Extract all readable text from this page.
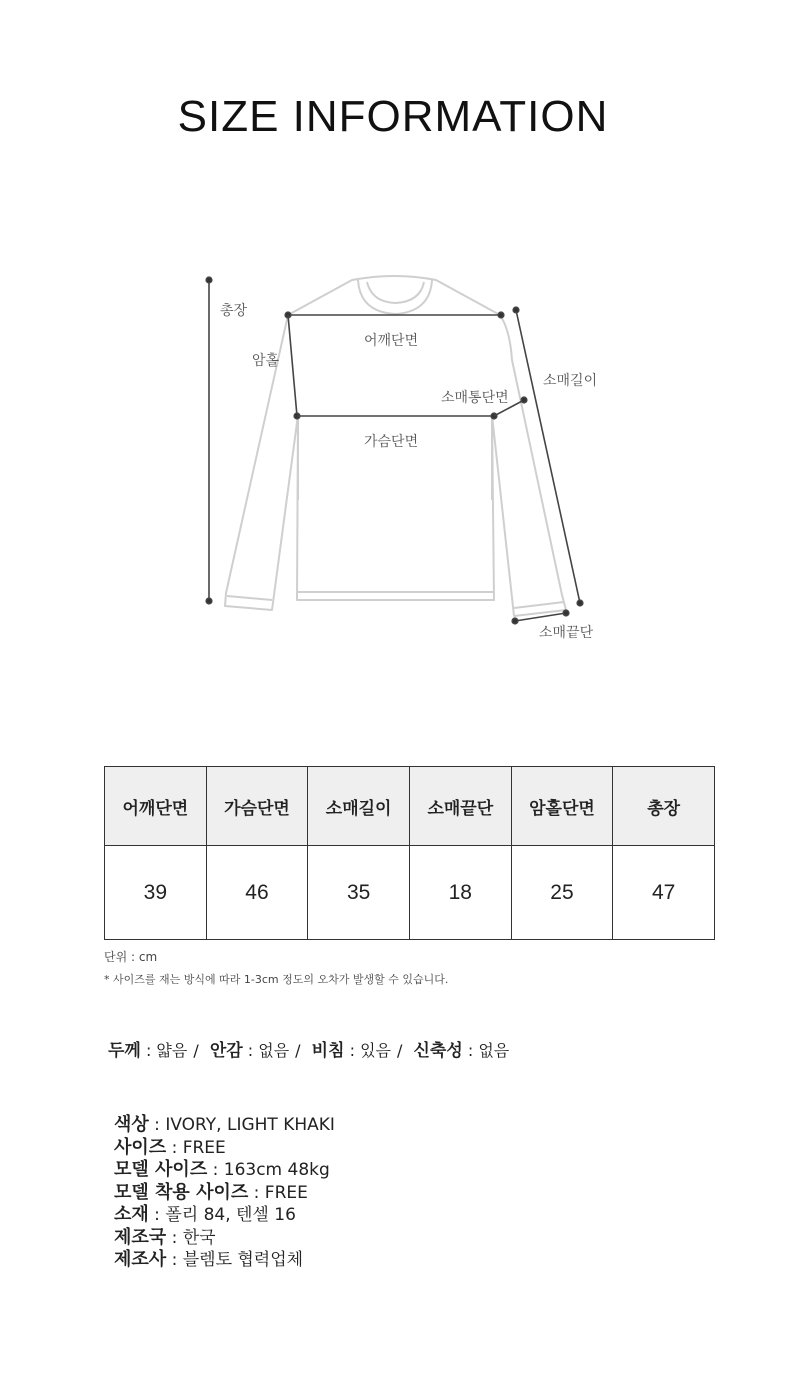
SIZE INFORMATION
총장
암홀
어깨단면
가슴단면
소매통단면
소매길이
소매끝단
어깨단면	가슴단면	소매길이	소매끝단	암홀단면	총장
39	46	35	18	25	47
단위 : cm
* 사이즈를 재는 방식에 따라 1-3cm 정도의 오차가 발생할 수 있습니다.
두께 : 얇음 / 안감 : 없음 / 비침 : 있음 / 신축성 : 없음
색상 : IVORY, LIGHT KHAKI
사이즈 : FREE
모델 사이즈 : 163cm 48kg
모델 착용 사이즈 : FREE
소재 : 폴리 84, 텐셀 16
제조국 : 한국
제조사 : 블렘토 협력업체
